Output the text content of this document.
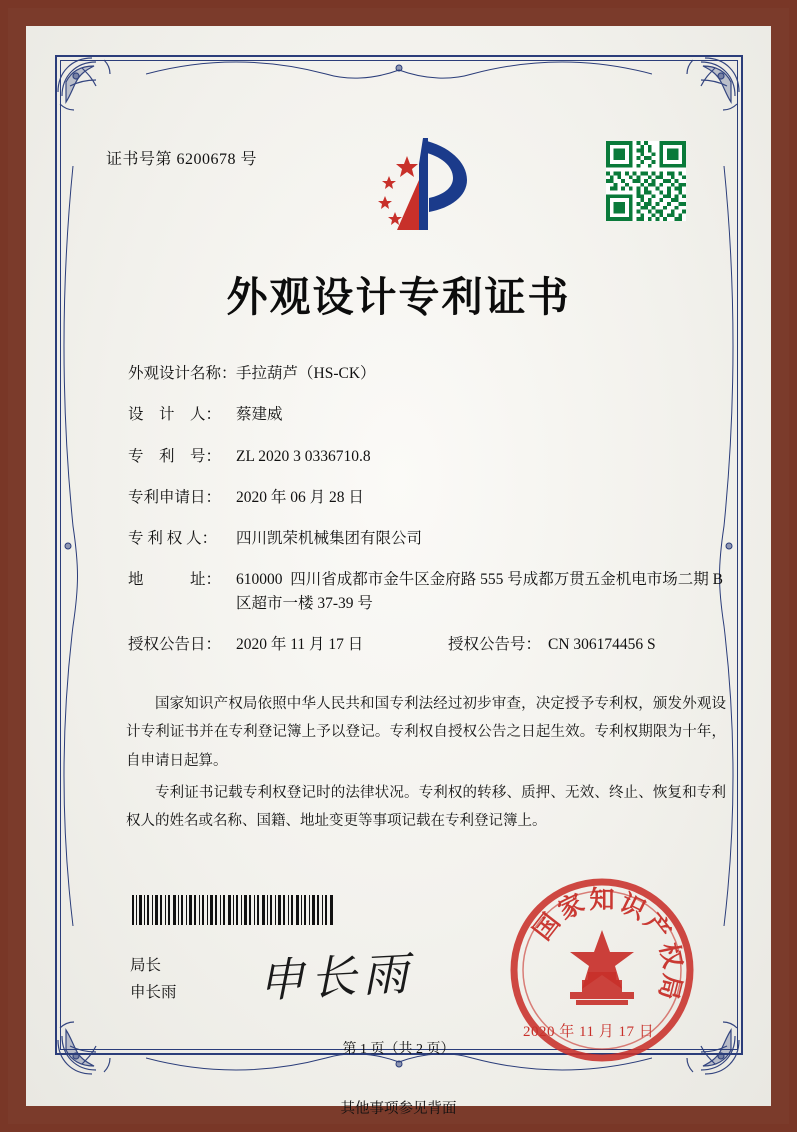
证书号第 6200678 号
外观设计专利证书
外观设计名称： 手拉葫芦（HS-CK）
设　计　人： 蔡建威
专　利　号： ZL 2020 3 0336710.8
专利申请日： 2020 年 06 月 28 日
专 利 权 人：	四川凯荣机械集团有限公司
地　　　址： 610000  四川省成都市金牛区金府路 555 号成都万贯五金机电市场二期 B 区超市一楼 37-39 号
授权公告日： 2020 年 11 月 17 日	授权公告号： CN 306174456 S

国家知识产权局依照中华人民共和国专利法经过初步审查，决定授予专利权，颁发外观设计专利证书并在专利登记簿上予以登记。专利权自授权公告之日起生效。专利权期限为十年，自申请日起算。

专利证书记载专利权登记时的法律状况。专利权的转移、质押、无效、终止、恢复和专利权人的姓名或名称、国籍、地址变更等事项记载在专利登记簿上。

局长
申长雨 申长雨
国
家 知 识
产
权
局
2020 年 11 月 17 日
第 1 页（共 2 页）
其他事项参见背面
